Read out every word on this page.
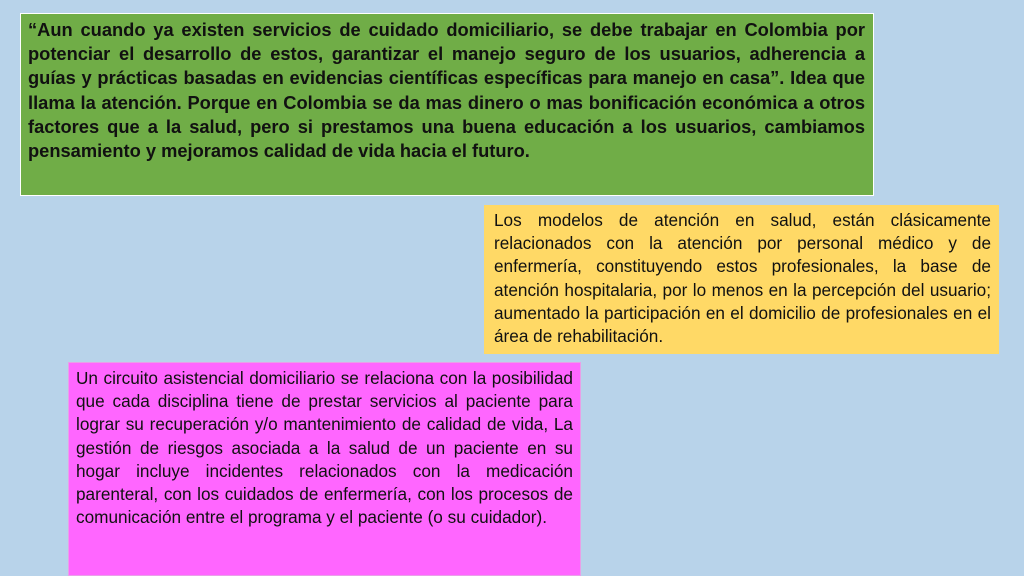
“Aun cuando ya existen servicios de cuidado domiciliario, se debe trabajar en Colombia por potenciar el desarrollo de estos, garantizar el manejo seguro de los usuarios, adherencia a guías y prácticas basadas en evidencias científicas específicas para manejo en casa”. Idea que llama la atención. Porque en Colombia se da mas dinero o mas bonificación económica a otros factores que a la salud, pero si prestamos una buena educación a los usuarios, cambiamos pensamiento y mejoramos calidad de vida hacia el futuro.
Los modelos de atención en salud, están clásicamente relacionados con la atención por personal médico y de enfermería, constituyendo estos profesionales, la base de atención hospitalaria, por lo menos en la percepción del usuario; aumentado la participación en el domicilio de profesionales en el área de rehabilitación.
Un circuito asistencial domiciliario se relaciona con la posibilidad que cada disciplina tiene de prestar servicios al paciente para lograr su recuperación y/o mantenimiento de calidad de vida, La gestión de riesgos asociada a la salud de un paciente en su hogar incluye incidentes relacionados con la medicación parenteral, con los cuidados de enfermería, con los procesos de comunicación entre el programa y el paciente (o su cuidador).
